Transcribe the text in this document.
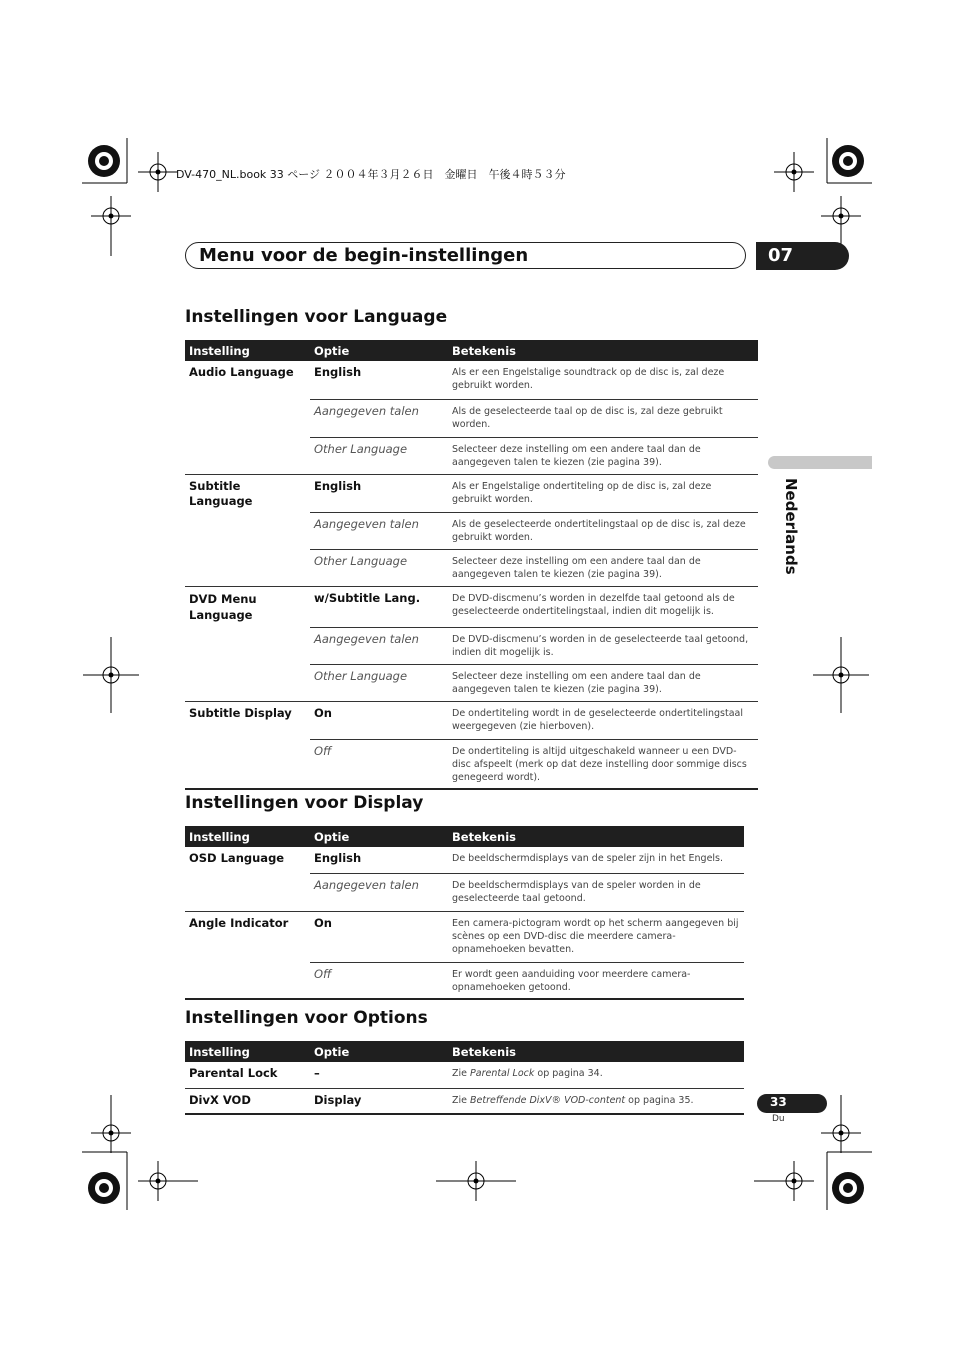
DV-470_NL.book 33 ページ ２００４年３月２６日　金曜日　午後４時５３分
Menu voor de begin-instellingen	07
Nederlands
Instellingen voor Language
Instelling	Optie	Betekenis
Audio Language	English	Als er een Engelstalige soundtrack op de disc is, zal deze gebruikt worden.
	Aangegeven talen	Als de geselecteerde taal op de disc is, zal deze gebruikt worden.
	Other Language	Selecteer deze instelling om een andere taal dan de aangegeven talen te kiezen (zie pagina 39).
Subtitle Language	English	Als er Engelstalige ondertiteling op de disc is, zal deze gebruikt worden.
	Aangegeven talen	Als de geselecteerde ondertitelingstaal op de disc is, zal deze gebruikt worden.
	Other Language	Selecteer deze instelling om een andere taal dan de aangegeven talen te kiezen (zie pagina 39).
DVD Menu Language	w/Subtitle Lang.	De DVD-discmenu’s worden in dezelfde taal getoond als de geselecteerde ondertitelingstaal, indien dit mogelijk is.
	Aangegeven talen	De DVD-discmenu’s worden in de geselecteerde taal getoond, indien dit mogelijk is.
	Other Language	Selecteer deze instelling om een andere taal dan de aangegeven talen te kiezen (zie pagina 39).
Subtitle Display	On	De ondertiteling wordt in de geselecteerde ondertitelingstaal weergegeven (zie hierboven).
	Off	De ondertiteling is altijd uitgeschakeld wanneer u een DVD-disc afspeelt (merk op dat deze instelling door sommige discs genegeerd wordt).
Instellingen voor Display
Instelling	Optie	Betekenis
OSD Language	English	De beeldschermdisplays van de speler zijn in het Engels.
	Aangegeven talen	De beeldschermdisplays van de speler worden in de geselecteerde taal getoond.
Angle Indicator	On	Een camera-pictogram wordt op het scherm aangegeven bij scènes op een DVD-disc die meerdere camera-opnamehoeken bevatten.
	Off	Er wordt geen aanduiding voor meerdere camera-opnamehoeken getoond.
Instellingen voor Options
Instelling	Optie	Betekenis
Parental Lock	–	Zie Parental Lock op pagina 34.
DivX VOD	Display	Zie Betreffende DixV® VOD-content op pagina 35.	33
Du
